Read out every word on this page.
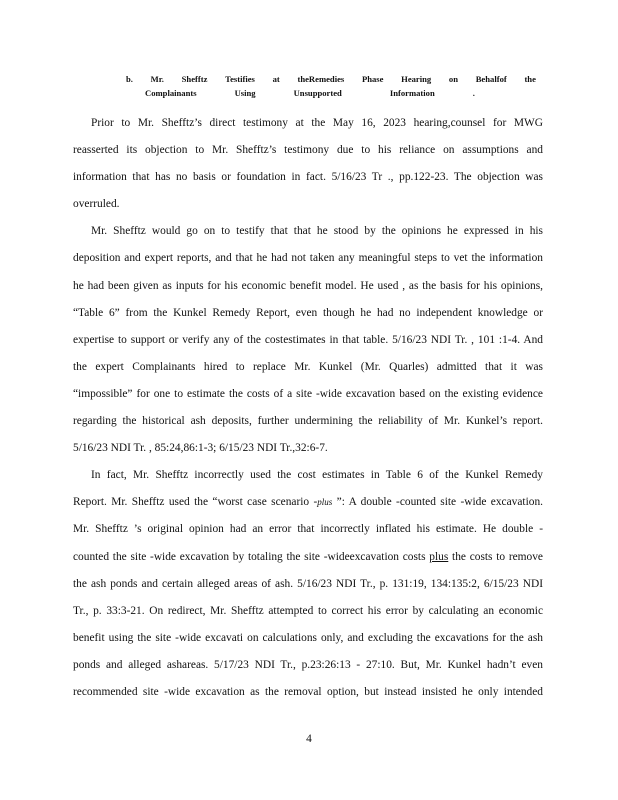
b. Mr. Shefftz Testifies at theRemedies Phase Hearing on Behalfof the
Complainants	Using	Unsupported	Information	.
Prior to Mr. Shefftz’s direct testimony at the May 16, 2023 hearing,counsel for MWG
reasserted its objection to Mr. Shefftz’s testimony due to his reliance on assumptions and
information that has no basis or foundation in fact. 5/16/23 Tr ., pp.122-23. The objection was
overruled.
Mr. Shefftz would go on to testify that that he stood by the opinions he expressed in his
deposition and expert reports, and that he had not taken any meaningful steps to vet the information
he had been given as inputs for his economic benefit model. He used , as the basis for his opinions,
“Table 6” from the Kunkel Remedy Report, even though he had no independent knowledge or
expertise to support or verify any of the costestimates in that table. 5/16/23 NDI Tr. , 101 :1-4. And
the expert Complainants hired to replace Mr. Kunkel (Mr. Quarles) admitted that it was
“impossible” for one to estimate the costs of a site -wide excavation based on the existing evidence
regarding the historical ash deposits, further undermining the reliability of Mr. Kunkel’s report.
5/16/23 NDI Tr. , 85:24,86:1-3; 6/15/23 NDI Tr.,32:6-7.
In fact, Mr. Shefftz incorrectly used the cost estimates in Table 6 of the Kunkel Remedy
Report. Mr. Shefftz used the “worst case scenario -plus ”: A double -counted site -wide excavation.
Mr. Shefftz ’s original opinion had an error that incorrectly inflated his estimate. He double -
counted the site -wide excavation by totaling the site -wideexcavation costs plus the costs to remove
the ash ponds and certain alleged areas of ash. 5/16/23 NDI Tr., p. 131:19, 134:135:2, 6/15/23 NDI
Tr., p. 33:3-21. On redirect, Mr. Shefftz attempted to correct his error by calculating an economic
benefit using the site -wide excavati on calculations only, and excluding the excavations for the ash
ponds and alleged ashareas. 5/17/23 NDI Tr., p.23:26:13 - 27:10. But, Mr. Kunkel hadn’t even
recommended site -wide excavation as the removal option, but instead insisted he only intended
4
